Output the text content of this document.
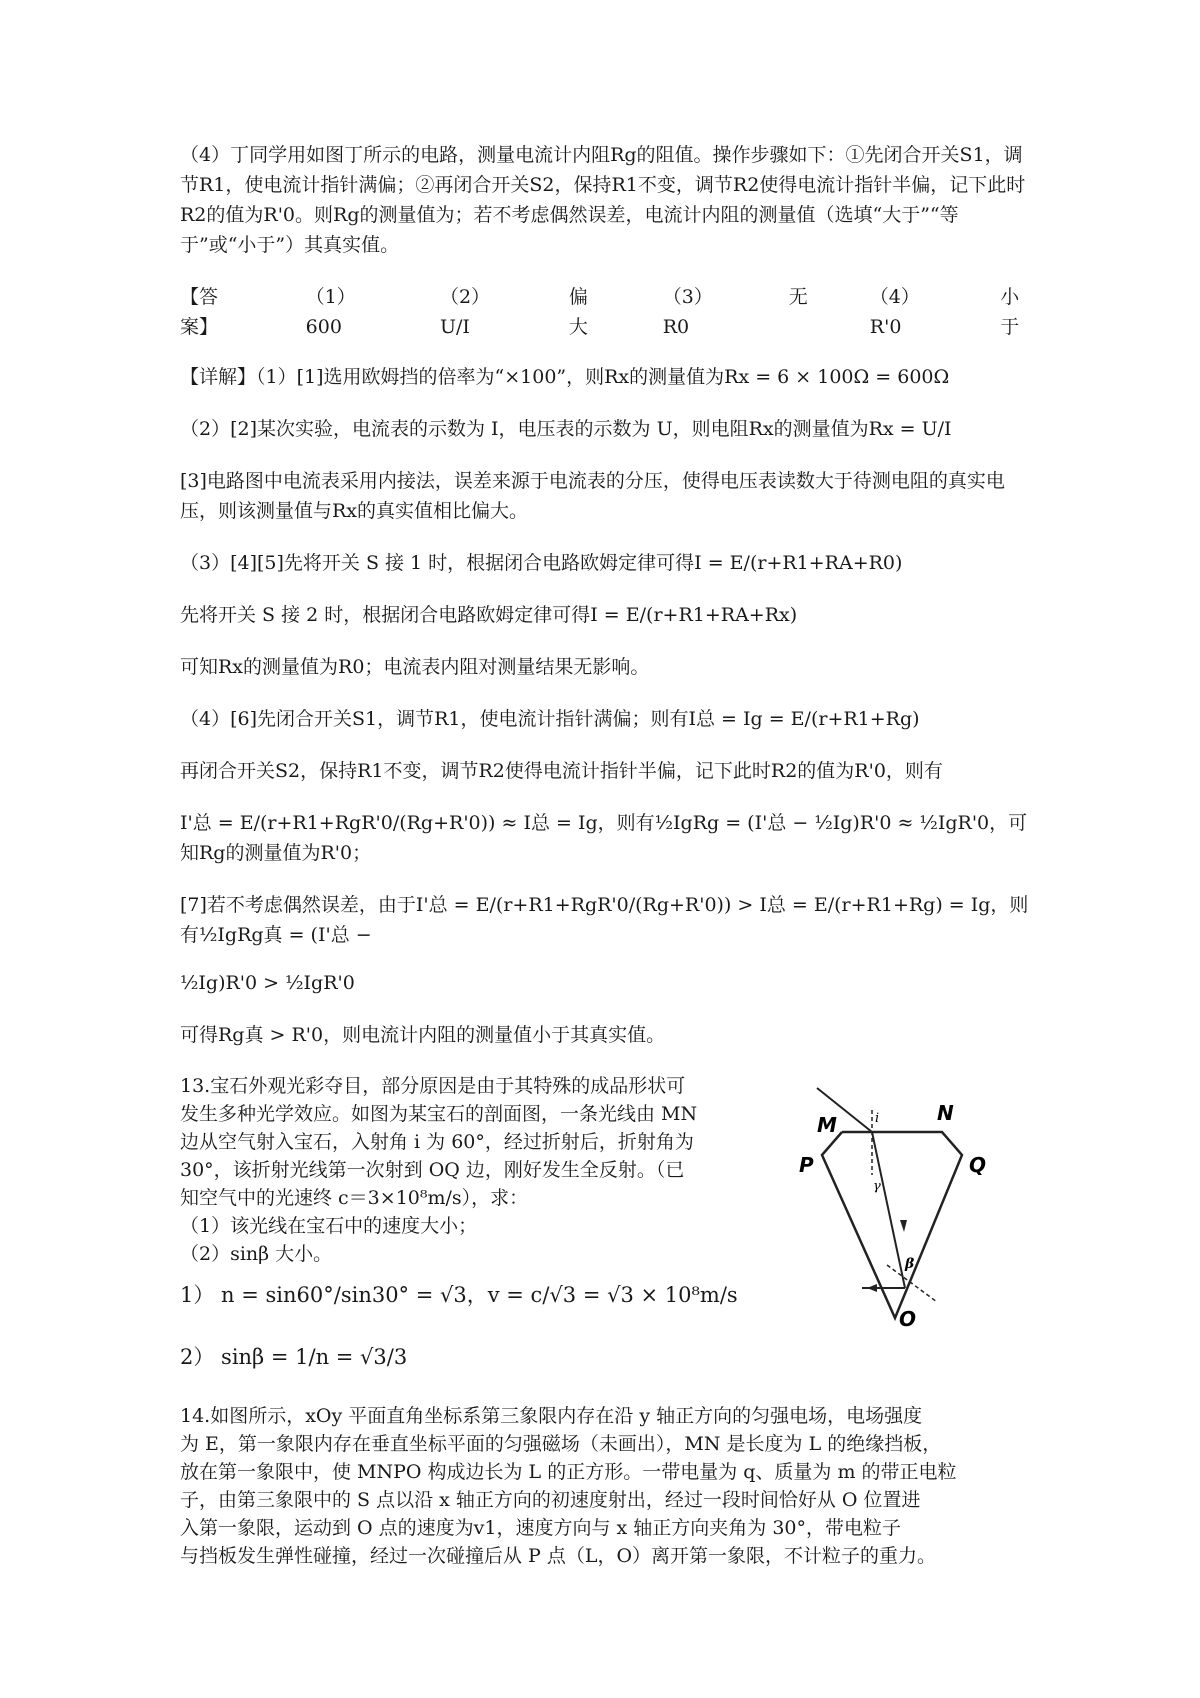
（4）丁同学用如图丁所示的电路，测量电流计内阻Rg的阻值。操作步骤如下：①先闭合开关S1，调节R1，使电流计指针满偏；②再闭合开关S2，保持R1不变，调节R2使得电流计指针半偏，记下此时R2的值为R'0。则Rg的测量值为；若不考虑偶然误差，电流计内阻的测量值（选填“大于”“等于”或“小于”）其真实值。

【答案】
（1）600
（2）U/I
偏大
（3）R0
无	（4）R'0
小于

【详解】（1）[1]选用欧姆挡的倍率为“×100”，则Rx的测量值为Rx = 6 × 100Ω = 600Ω

（2）[2]某次实验，电流表的示数为 I，电压表的示数为 U，则电阻Rx的测量值为Rx = U/I

[3]电路图中电流表采用内接法，误差来源于电流表的分压，使得电压表读数大于待测电阻的真实电压，则该测量值与Rx的真实值相比偏大。

（3）[4][5]先将开关 S 接 1 时，根据闭合电路欧姆定律可得I = E/(r+R1+RA+R0)

先将开关 S 接 2 时，根据闭合电路欧姆定律可得I = E/(r+R1+RA+Rx)

可知Rx的测量值为R0；电流表内阻对测量结果无影响。

（4）[6]先闭合开关S1，调节R1，使电流计指针满偏；则有I总 = Ig = E/(r+R1+Rg)

再闭合开关S2，保持R1不变，调节R2使得电流计指针半偏，记下此时R2的值为R'0，则有

I'总 = E/(r+R1+RgR'0/(Rg+R'0)) ≈ I总 = Ig，则有½IgRg = (I'总 − ½Ig)R'0 ≈ ½IgR'0，可知Rg的测量值为R'0；

[7]若不考虑偶然误差，由于I'总 = E/(r+R1+RgR'0/(Rg+R'0)) > I总 = E/(r+R1+Rg) = Ig，则有½IgRg真 = (I'总 −

½Ig)R'0 > ½IgR'0

可得Rg真 > R'0，则电流计内阻的测量值小于其真实值。

13.宝石外观光彩夺目，部分原因是由于其特殊的成品形状可

发生多种光学效应。如图为某宝石的剖面图，一条光线由 MN

边从空气射入宝石，入射角 i 为 60°，经过折射后，折射角为

30°，该折射光线第一次射到 OQ 边，刚好发生全反射。（已

知空气中的光速终 c＝3×10⁸m/s），求：

（1）该光线在宝石中的速度大小；

（2）sinβ 大小。

1） n = sin60°/sin30° = √3，v = c/√3 = √3 × 10⁸m/s

2） sinβ = 1/n = √3/3

M	N
P	Q
O
i
γ
β

14.如图所示，xOy 平面直角坐标系第三象限内存在沿 y 轴正方向的匀强电场，电场强度

为 E，第一象限内存在垂直坐标平面的匀强磁场（未画出），MN 是长度为 L 的绝缘挡板，

放在第一象限中，使 MNPO 构成边长为 L 的正方形。一带电量为 q、质量为 m 的带正电粒

子，由第三象限中的 S 点以沿 x 轴正方向的初速度射出，经过一段时间恰好从 O 位置进

入第一象限，运动到 O 点的速度为v1，速度方向与 x 轴正方向夹角为 30°，带电粒子

与挡板发生弹性碰撞，经过一次碰撞后从 P 点（L，O）离开第一象限，不计粒子的重力。
